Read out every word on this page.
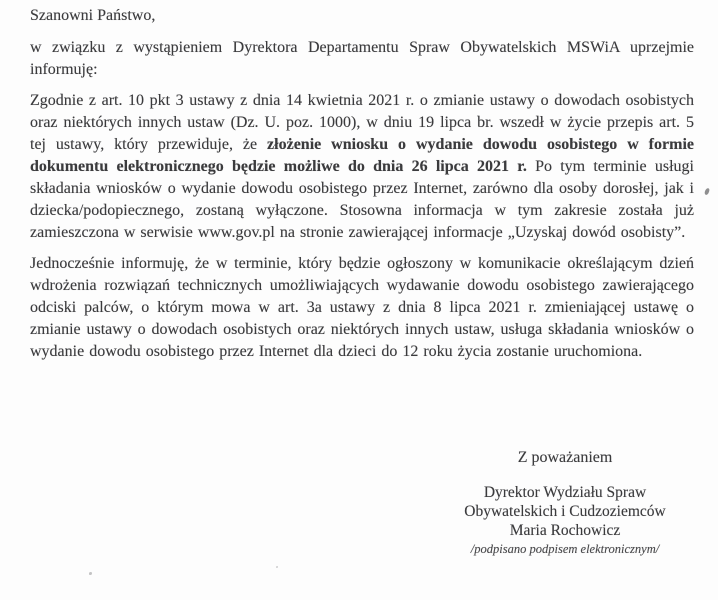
Szanowni Państwo,

w związku z wystąpieniem Dyrektora Departamentu Spraw Obywatelskich MSWiA uprzejmie informuję:

Zgodnie z art. 10 pkt 3 ustawy z dnia 14 kwietnia 2021 r. o zmianie ustawy o dowodach osobistych oraz niektórych innych ustaw (Dz. U. poz. 1000), w dniu 19 lipca br. wszedł w życie przepis art. 5 tej ustawy, który przewiduje, że złożenie wniosku o wydanie dowodu osobistego w formie dokumentu elektronicznego będzie możliwe do dnia 26 lipca 2021 r. Po tym terminie usługi składania wniosków o wydanie dowodu osobistego przez Internet, zarówno dla osoby dorosłej, jak i dziecka/podopiecznego, zostaną wyłączone. Stosowna informacja w tym zakresie została już zamieszczona w serwisie www.gov.pl na stronie zawierającej informacje „Uzyskaj dowód osobisty”.

Jednocześnie informuję, że w terminie, który będzie ogłoszony w komunikacie określającym dzień wdrożenia rozwiązań technicznych umożliwiających wydawanie dowodu osobistego zawierającego odciski palców, o którym mowa w art. 3a ustawy z dnia 8 lipca 2021 r. zmieniającej ustawę o zmianie ustawy o dowodach osobistych oraz niektórych innych ustaw, usługa składania wniosków o wydanie dowodu osobistego przez Internet dla dzieci do 12 roku życia zostanie uruchomiona.

Z poważaniem

Dyrektor Wydziału Spraw

Obywatelskich i Cudzoziemców

Maria Rochowicz

/podpisano podpisem elektronicznym/
